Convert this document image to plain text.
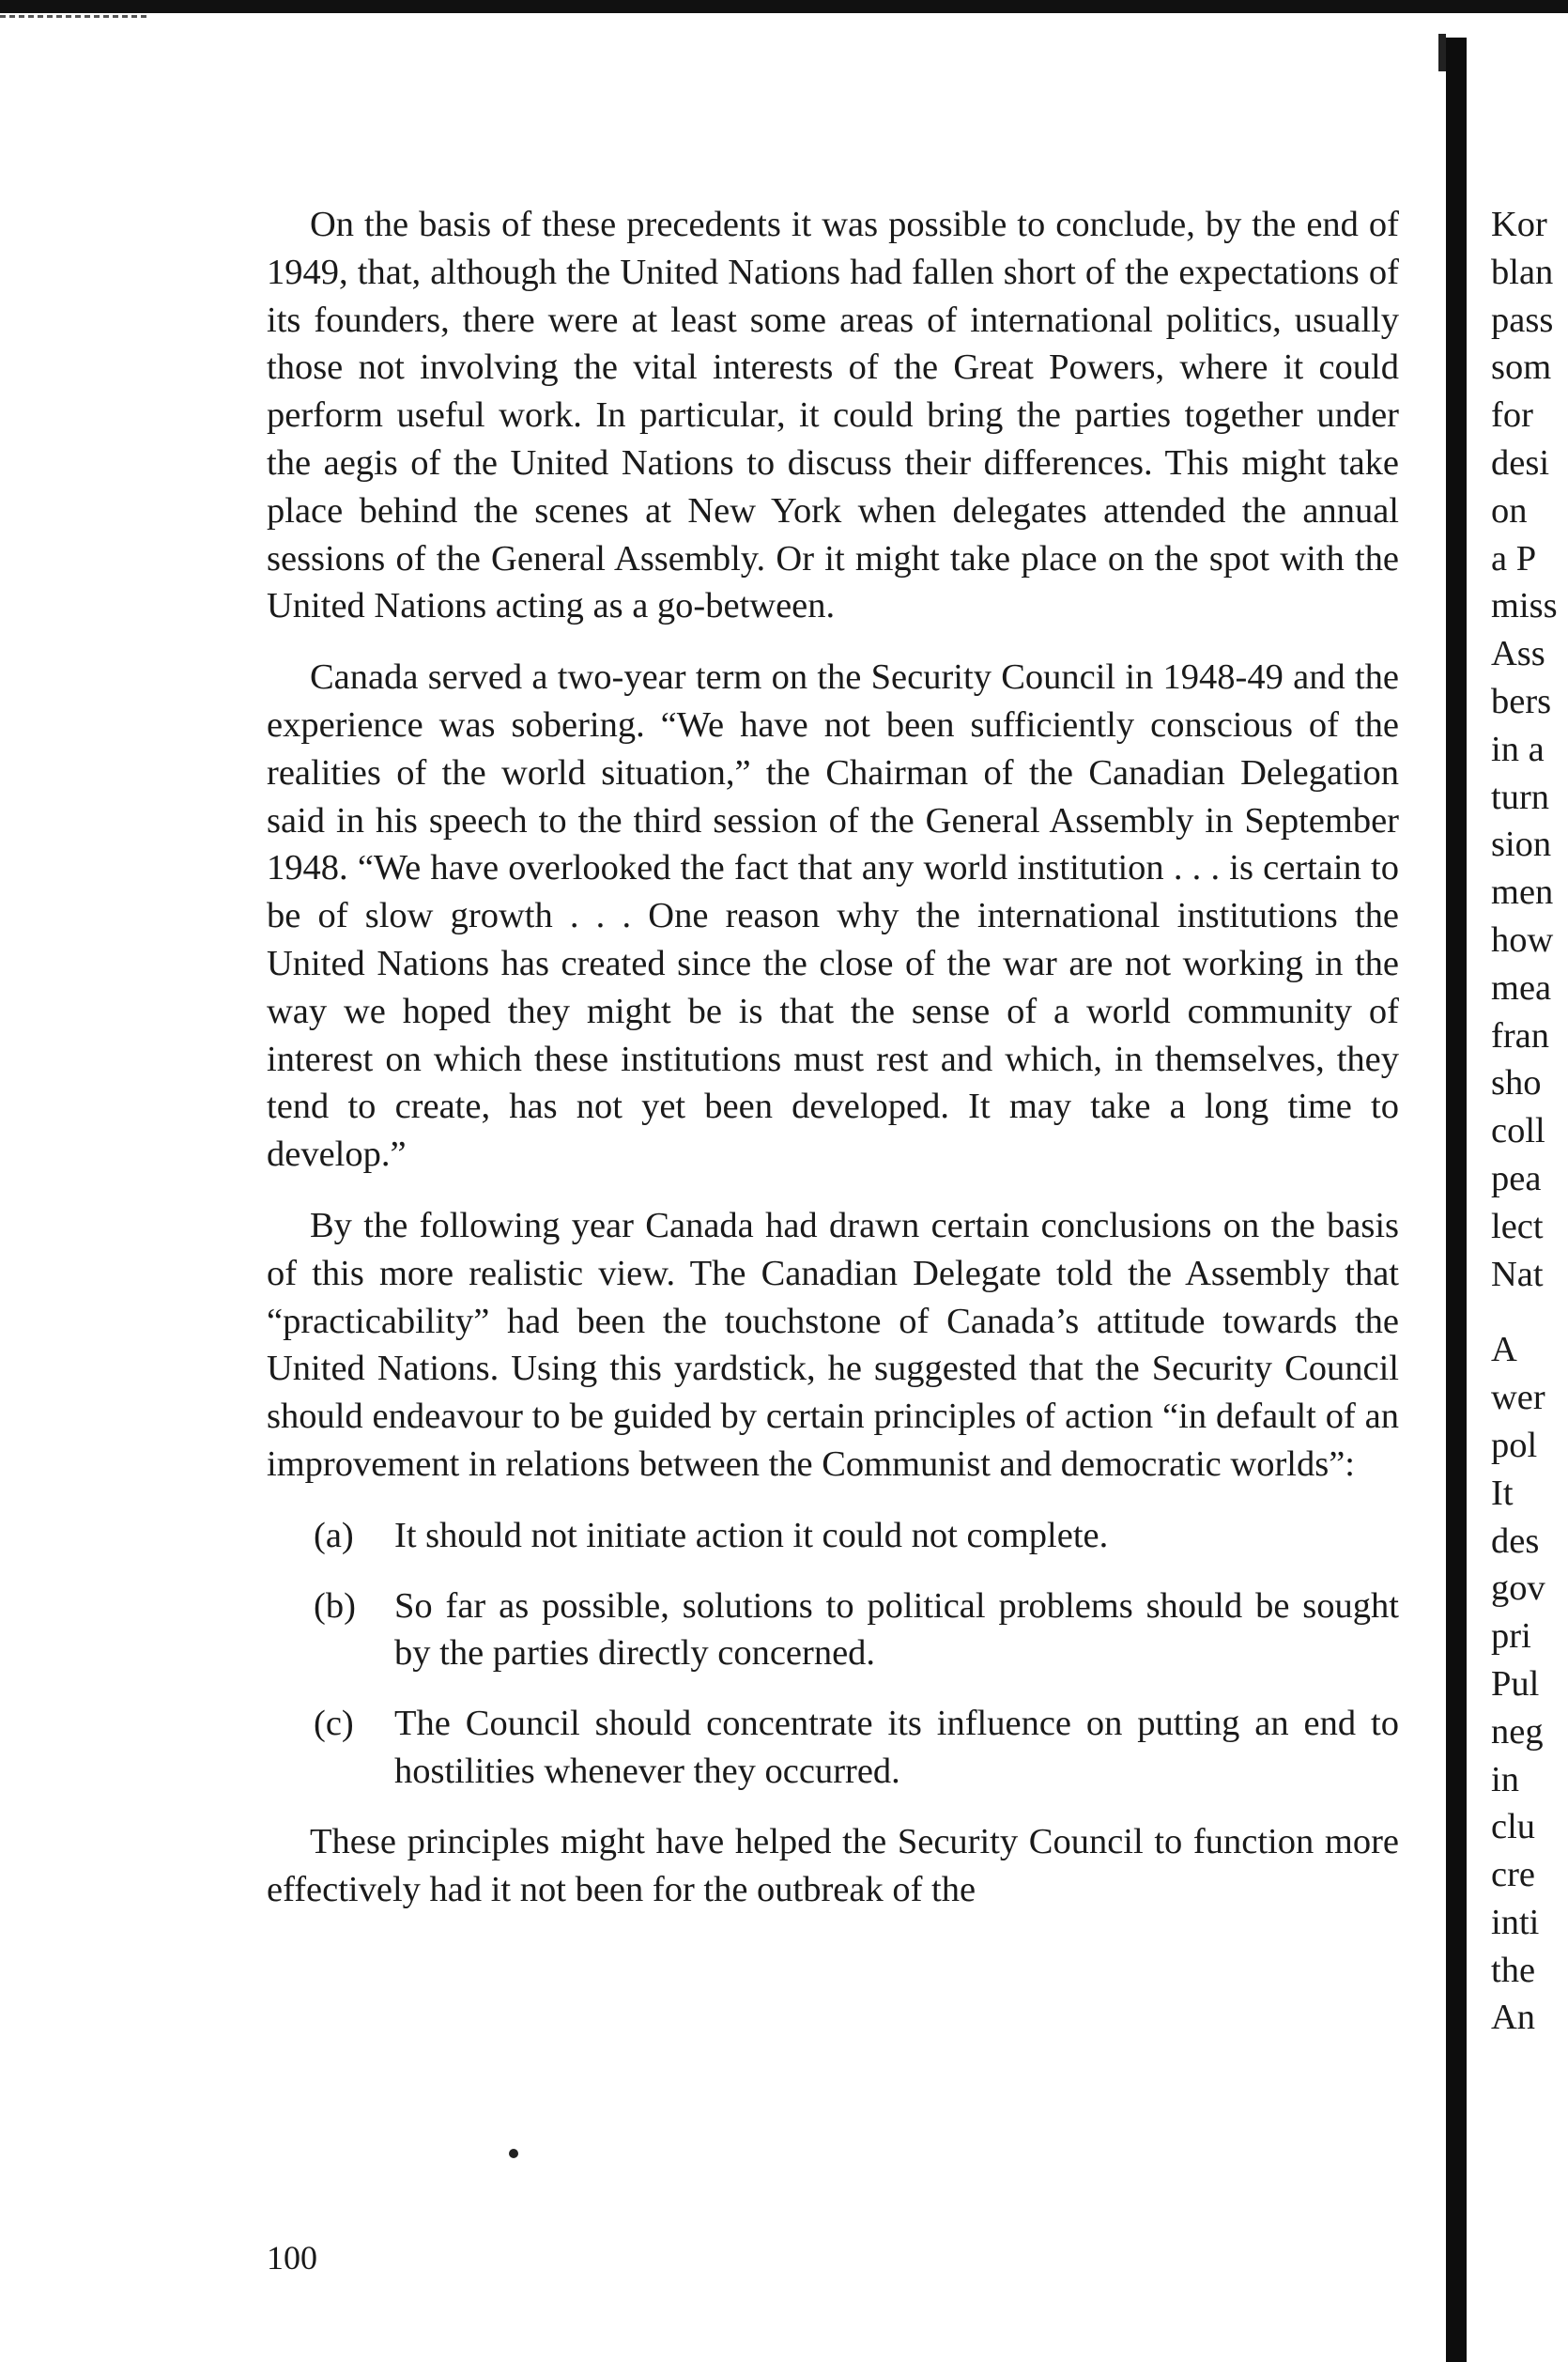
On the basis of these precedents it was possible to conclude, by the end of 1949, that, although the United Nations had fallen short of the expectations of its founders, there were at least some areas of international politics, usually those not involving the vital interests of the Great Powers, where it could perform useful work. In particular, it could bring the parties together under the aegis of the United Nations to discuss their differences. This might take place behind the scenes at New York when delegates attended the annual sessions of the General Assembly. Or it might take place on the spot with the United Nations acting as a go-between.

Canada served a two-year term on the Security Council in 1948-49 and the experience was sobering. “We have not been sufficiently conscious of the realities of the world situation,” the Chairman of the Canadian Delegation said in his speech to the third session of the General Assembly in September 1948. “We have overlooked the fact that any world institution . . . is certain to be of slow growth . . . One reason why the international institutions the United Nations has created since the close of the war are not working in the way we hoped they might be is that the sense of a world community of interest on which these institutions must rest and which, in themselves, they tend to create, has not yet been developed. It may take a long time to develop.”

By the following year Canada had drawn certain conclusions on the basis of this more realistic view. The Canadian Delegate told the Assembly that “practicability” had been the touchstone of Canada’s attitude towards the United Nations. Using this yardstick, he suggested that the Security Council should endeavour to be guided by certain principles of action “in default of an improvement in relations between the Communist and democratic worlds”:

(a) It should not initiate action it could not complete.
(b) So far as possible, solutions to political problems should be sought by the parties directly concerned.
(c) The Council should concentrate its influence on putting an end to hostilities whenever they occurred.

These principles might have helped the Security Council to function more effectively had it not been for the outbreak of the

100
Kor
blan
pass
som
for
desi
on
a P
miss
Ass
bers
in a
turn
sion
men
how
mea
fran
sho
coll
pea
lect
Nat
A
wer
pol
It
des
gov
pri
Pul
neg
in
clu
cre
inti
the
An
